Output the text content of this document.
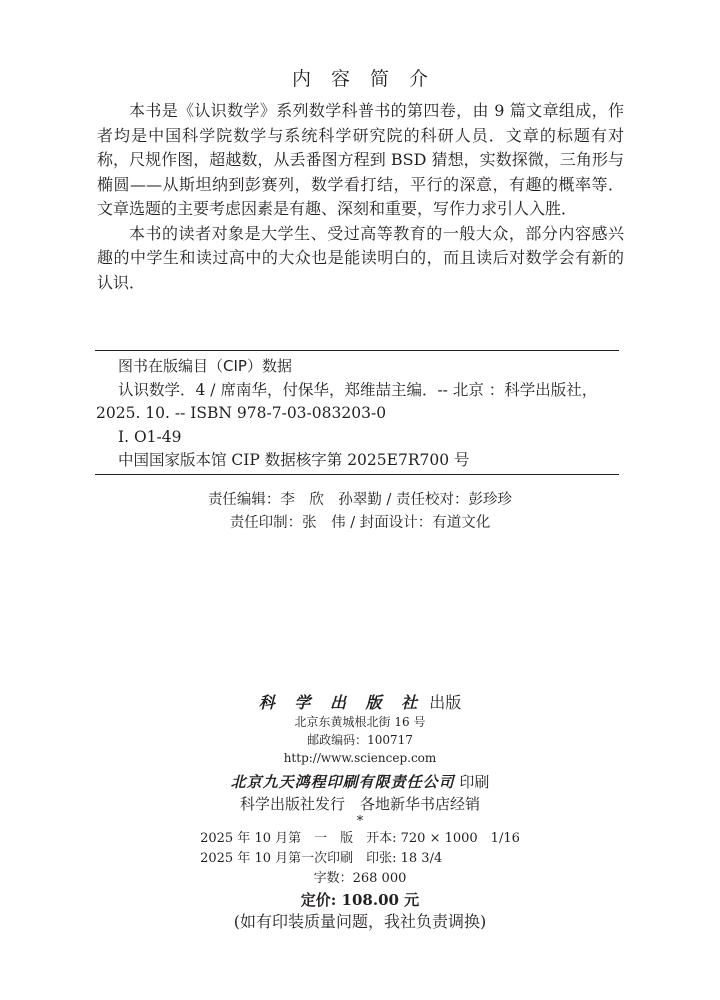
内容简介

本书是《认识数学》系列数学科普书的第四卷，由 9 篇文章组成，作者均是中国科学院数学与系统科学研究院的科研人员．文章的标题有对称，尺规作图，超越数，从丢番图方程到 BSD 猜想，实数探微，三角形与椭圆——从斯坦纳到彭赛列，数学看打结，平行的深意，有趣的概率等．文章选题的主要考虑因素是有趣、深刻和重要，写作力求引人入胜．

本书的读者对象是大学生、受过高等教育的一般大众，部分内容感兴趣的中学生和读过高中的大众也是能读明白的，而且读后对数学会有新的认识．

图书在版编目（CIP）数据
认识数学．4 / 席南华，付保华，郑维喆主编．-- 北京 ：科学出版社，
2025. 10. -- ISBN 978-7-03-083203-0
Ⅰ. O1-49
中国国家版本馆 CIP 数据核字第 2025E7R700 号
责任编辑：李　欣　孙翠勤 / 责任校对：彭珍珍
责任印制：张　伟 / 封面设计：有道文化
科 学 出 版 社 出版
北京东黄城根北街 16 号
邮政编码：100717
http://www.sciencep.com
北京九天鸿程印刷有限责任公司 印刷
科学出版社发行　各地新华书店经销
*
2025 年 10 月第　一　版　开本: 720 × 1000　1/16
2025 年 10 月第一次印刷　印张: 18 3/4
字数：268 000
定价: 108.00 元
(如有印装质量问题，我社负责调换)
